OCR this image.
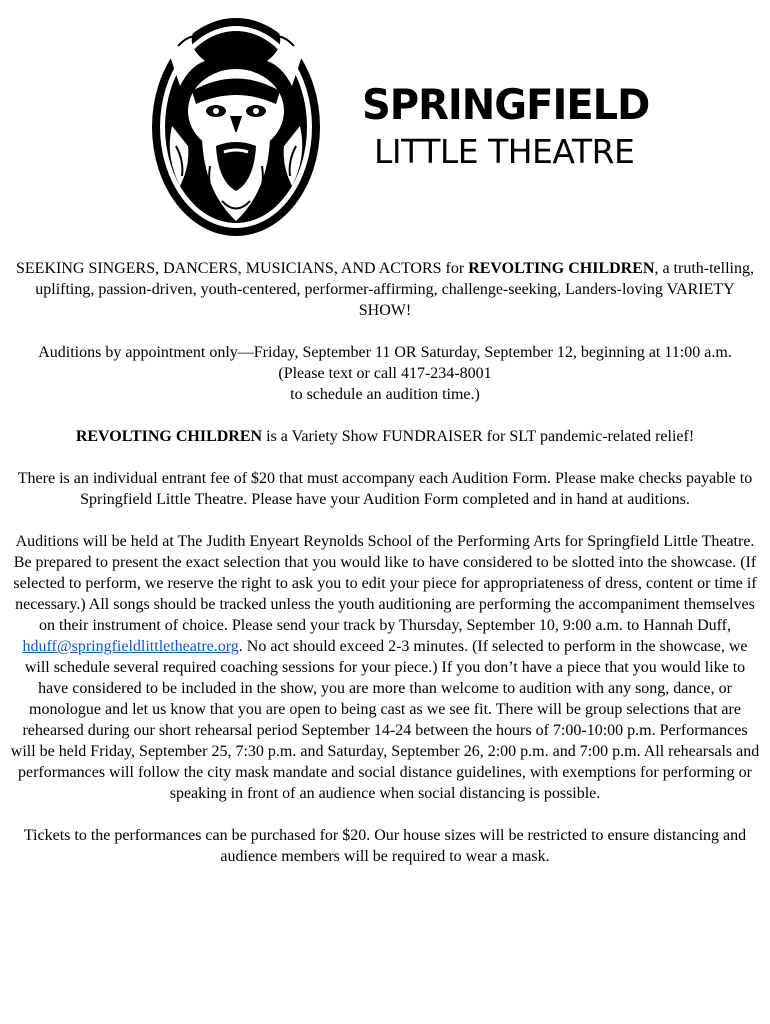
SPRINGFIELD
LITTLE THEATRE

SEEKING SINGERS, DANCERS, MUSICIANS, AND ACTORS for REVOLTING CHILDREN, a truth-telling, uplifting, passion-driven, youth-centered, performer-affirming, challenge-seeking, Landers-loving VARIETY SHOW!

Auditions by appointment only—Friday, September 11 OR Saturday, September 12, beginning at 11:00 a.m.
(Please text or call 417-234-8001
to schedule an audition time.)

REVOLTING CHILDREN is a Variety Show FUNDRAISER for SLT pandemic-related relief!

There is an individual entrant fee of $20 that must accompany each Audition Form. Please make checks payable to Springfield Little Theatre. Please have your Audition Form completed and in hand at auditions.

Auditions will be held at The Judith Enyeart Reynolds School of the Performing Arts for Springfield Little Theatre. Be prepared to present the exact selection that you would like to have considered to be slotted into the showcase. (If selected to perform, we reserve the right to ask you to edit your piece for appropriateness of dress, content or time if necessary.) All songs should be tracked unless the youth auditioning are performing the accompaniment themselves on their instrument of choice. Please send your track by Thursday, September 10, 9:00 a.m. to Hannah Duff, hduff@springfieldlittletheatre.org. No act should exceed 2-3 minutes. (If selected to perform in the showcase, we will schedule several required coaching sessions for your piece.) If you don’t have a piece that you would like to have considered to be included in the show, you are more than welcome to audition with any song, dance, or monologue and let us know that you are open to being cast as we see fit. There will be group selections that are rehearsed during our short rehearsal period September 14-24 between the hours of 7:00-10:00 p.m. Performances will be held Friday, September 25, 7:30 p.m. and Saturday, September 26, 2:00 p.m. and 7:00 p.m. All rehearsals and performances will follow the city mask mandate and social distance guidelines, with exemptions for performing or speaking in front of an audience when social distancing is possible.

Tickets to the performances can be purchased for $20. Our house sizes will be restricted to ensure distancing and audience members will be required to wear a mask.
